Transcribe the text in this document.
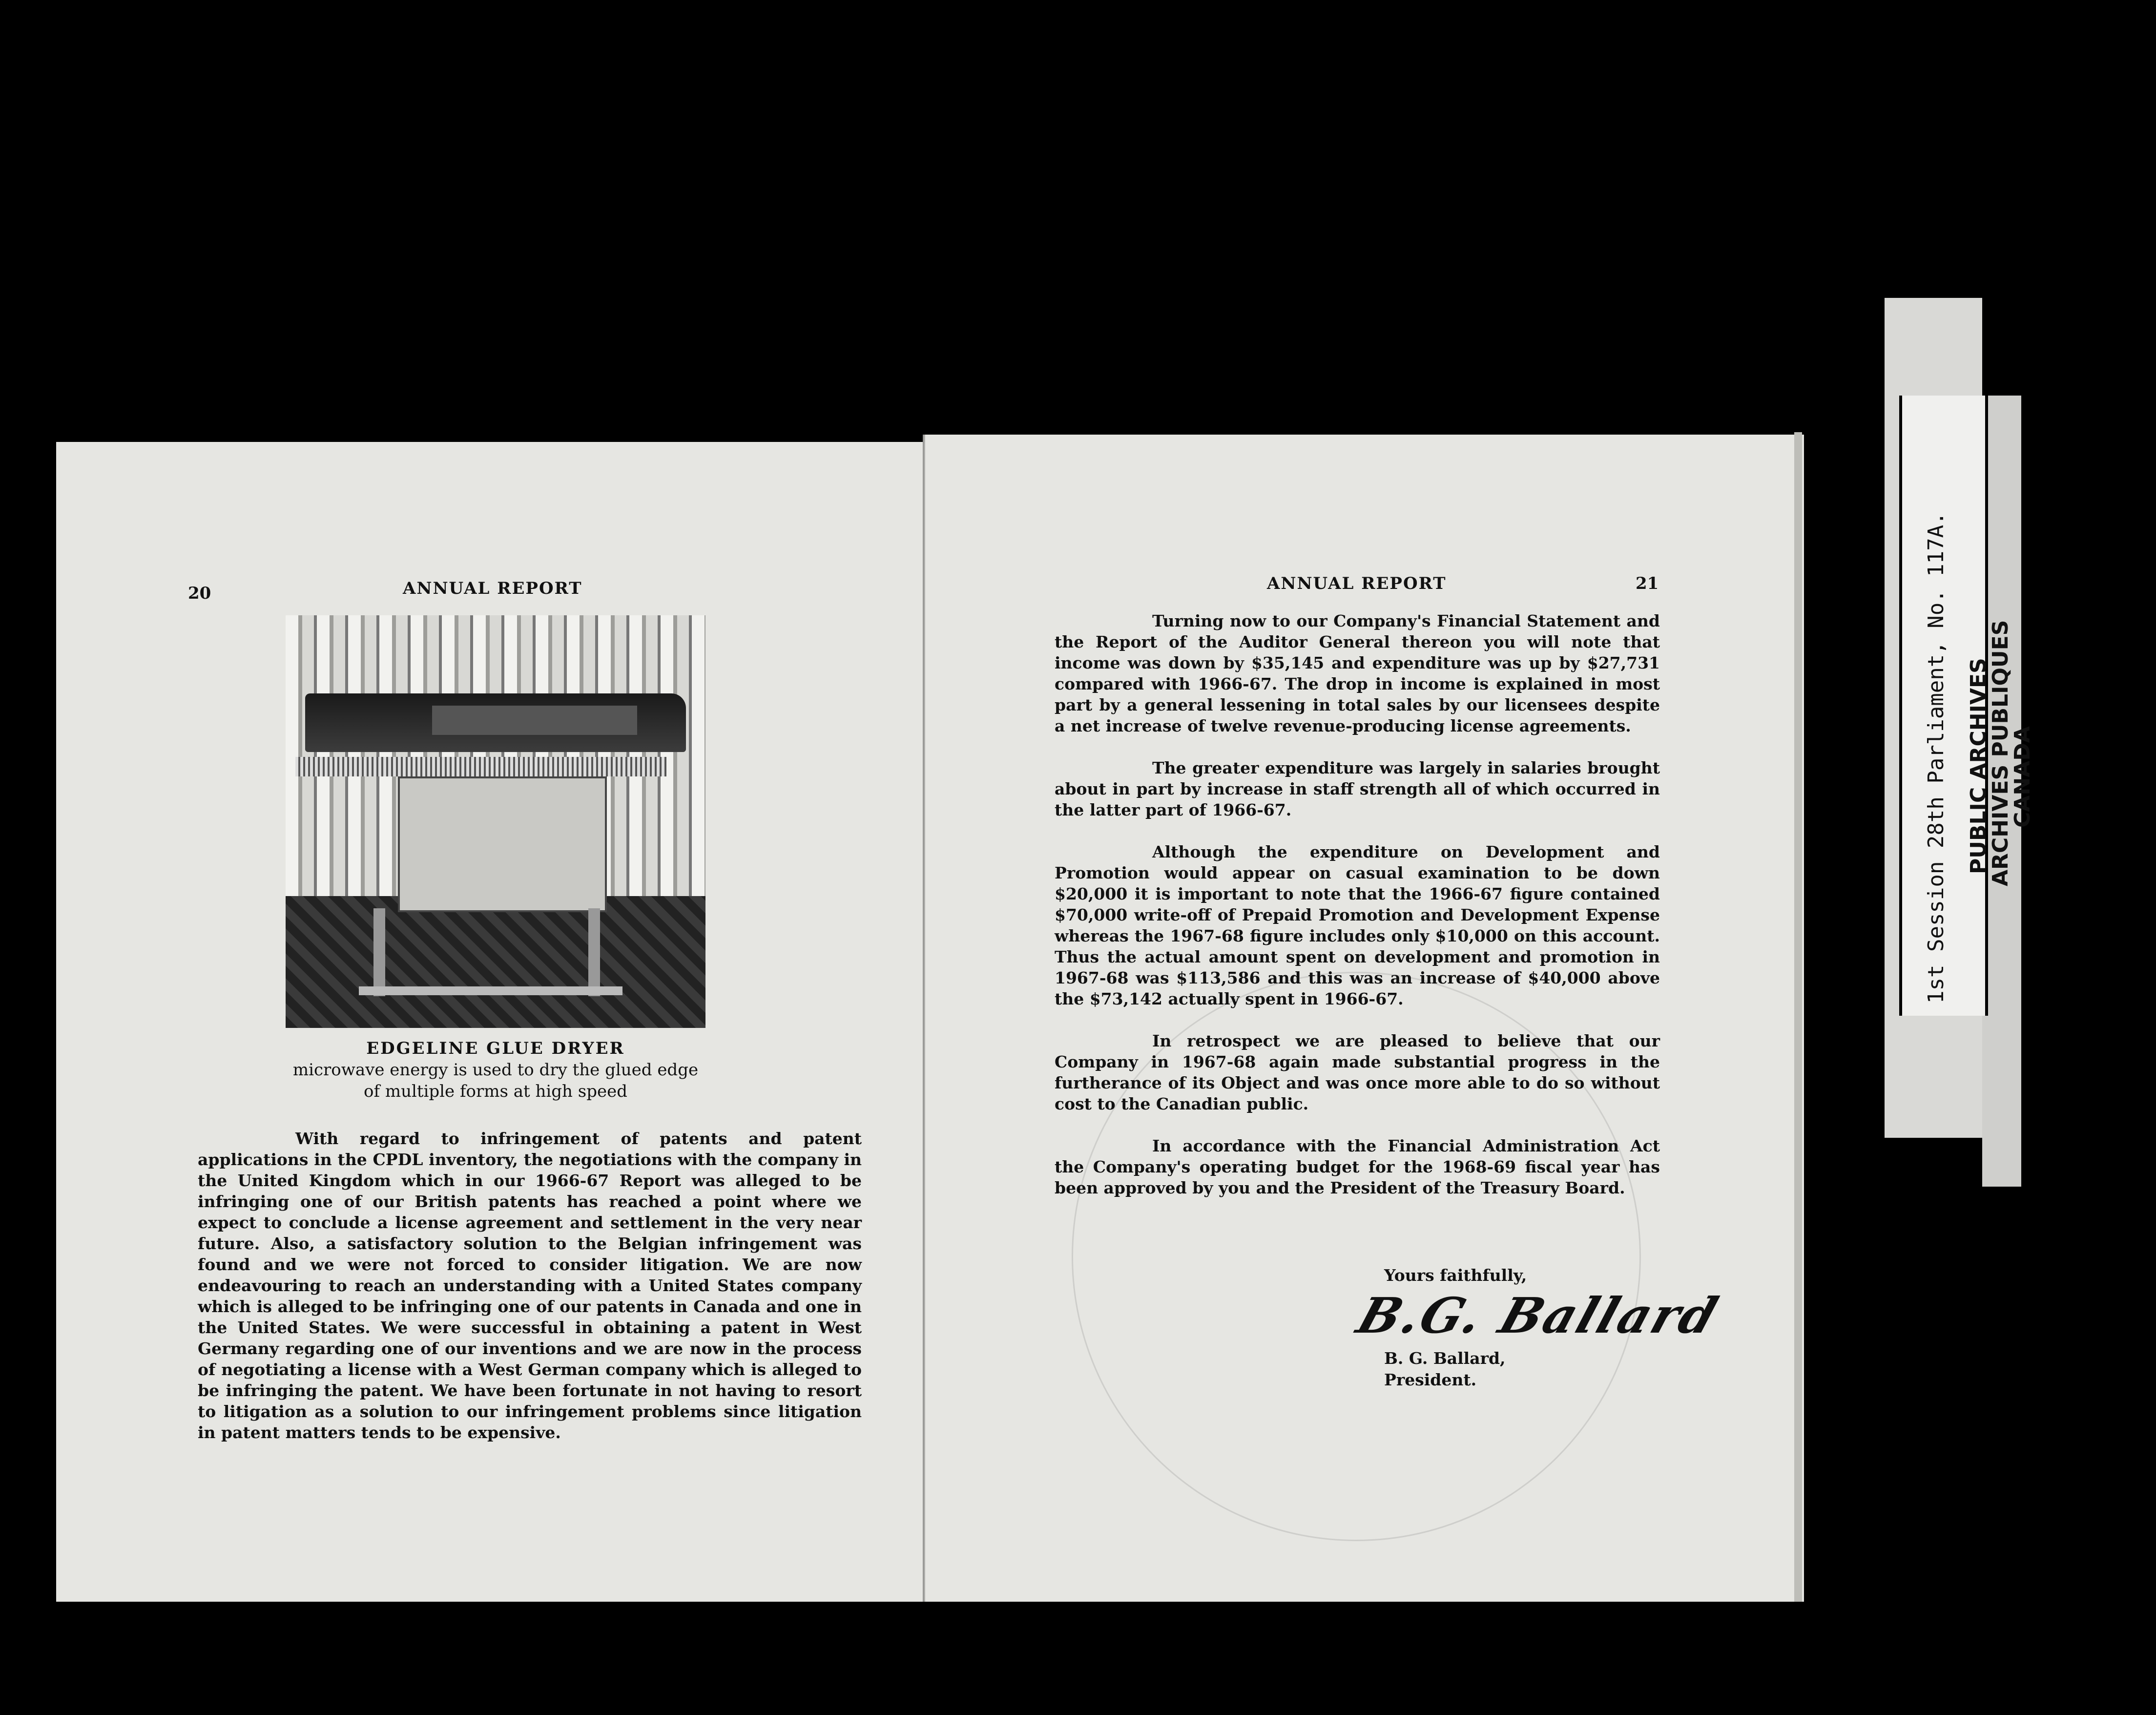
20	ANNUAL REPORT
EDGELINE GLUE DRYER
microwave energy is used to dry the glued edge
of multiple forms at high speed

With regard to infringement of patents and patent applications in the CPDL inventory, the negotiations with the company in the United Kingdom which in our 1966-67 Report was alleged to be infringing one of our British patents has reached a point where we expect to conclude a license agreement and settlement in the very near future. Also, a satisfactory solution to the Belgian infringement was found and we were not forced to consider litigation. We are now endeavouring to reach an understanding with a United States company which is alleged to be infringing one of our patents in Canada and one in the United States. We were successful in obtaining a patent in West Germany regarding one of our inventions and we are now in the process of negotiating a license with a West German company which is alleged to be infringing the patent. We have been fortunate in not having to resort to litigation as a solution to our infringement problems since litigation in patent matters tends to be expensive.

ANNUAL REPORT	21

Turning now to our Company's Financial Statement and the Report of the Auditor General thereon you will note that income was down by $35,145 and expenditure was up by $27,731 compared with 1966-67. The drop in income is explained in most part by a general lessening in total sales by our licensees despite a net increase of twelve revenue-producing license agreements.

The greater expenditure was largely in salaries brought about in part by increase in staff strength all of which occurred in the latter part of 1966-67.

Although the expenditure on Development and Promotion would appear on casual examination to be down $20,000 it is important to note that the 1966-67 figure contained $70,000 write-off of Prepaid Promotion and Development Expense whereas the 1967-68 figure includes only $10,000 on this account. Thus the actual amount spent on development and promotion in 1967-68 was $113,586 and this was an increase of $40,000 above the $73,142 actually spent in 1966-67.

In retrospect we are pleased to believe that our Company in 1967-68 again made substantial progress in the furtherance of its Object and was once more able to do so without cost to the Canadian public.

In accordance with the Financial Administration Act the Company's operating budget for the 1968-69 fiscal year has been approved by you and the President of the Treasury Board.

Yours faithfully,
B.G. Ballard
B. G. Ballard,
President.
1st Session 28th Parliament, No. 117A. PUBLIC ARCHIVES
ARCHIVES PUBLIQUES
CANADA
